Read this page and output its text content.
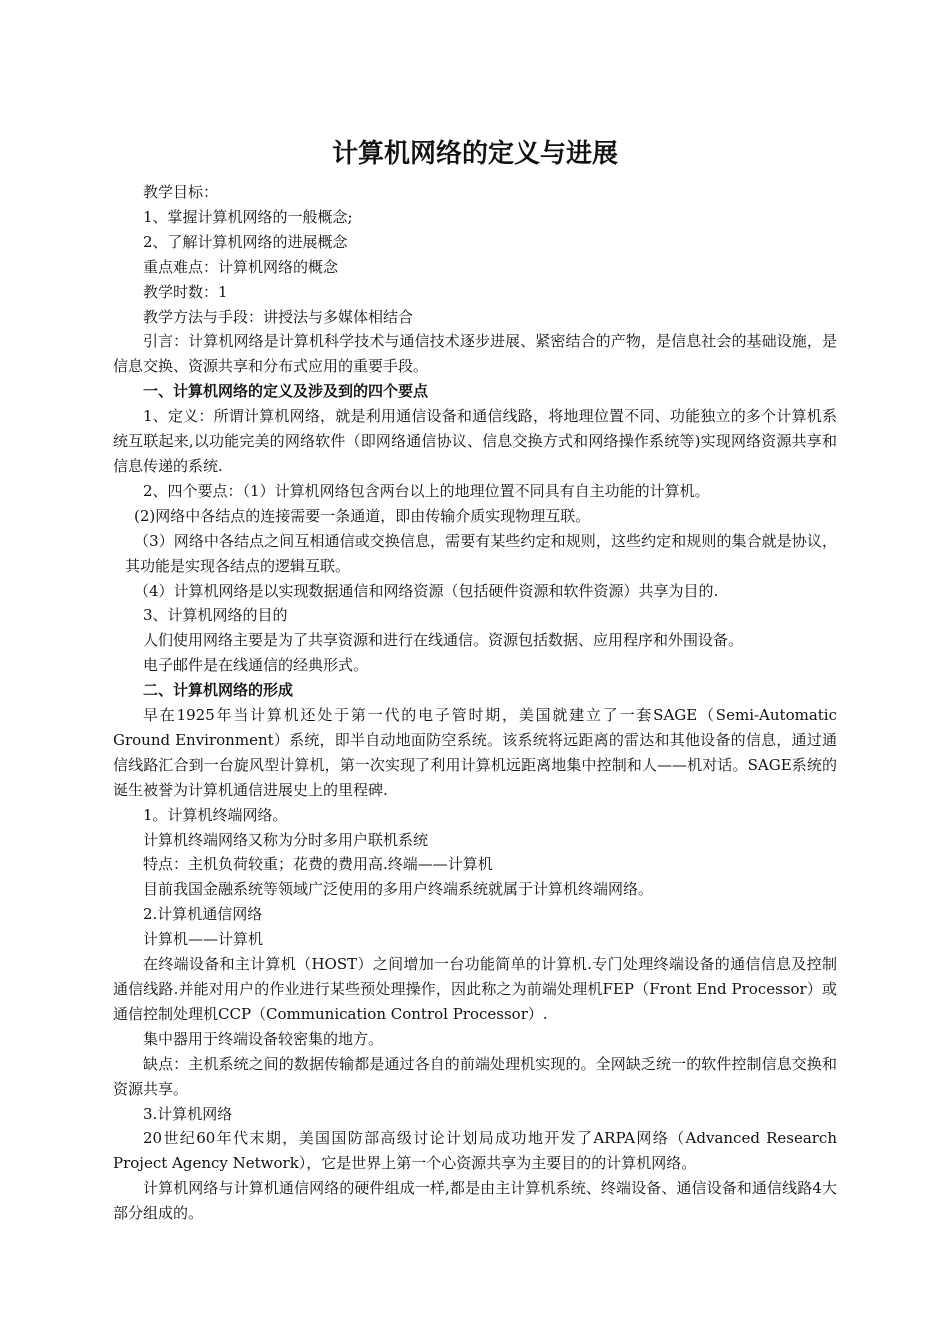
计算机网络的定义与进展

教学目标：

1、掌握计算机网络的一般概念;

2、了解计算机网络的进展概念

重点难点：计算机网络的概念

教学时数：1

教学方法与手段：讲授法与多媒体相结合

引言：计算机网络是计算机科学技术与通信技术逐步进展、紧密结合的产物，是信息社会的基础设施，是信息交换、资源共享和分布式应用的重要手段。

一、计算机网络的定义及涉及到的四个要点

1、定义：所谓计算机网络，就是利用通信设备和通信线路，将地理位置不同、功能独立的多个计算机系统互联起来,以功能完美的网络软件（即网络通信协议、信息交换方式和网络操作系统等)实现网络资源共享和信息传递的系统.

2、四个要点：（1）计算机网络包含两台以上的地理位置不同具有自主功能的计算机。

(2)网络中各结点的连接需要一条通道，即由传输介质实现物理互联。

（3）网络中各结点之间互相通信或交换信息，需要有某些约定和规则，这些约定和规则的集合就是协议，其功能是实现各结点的逻辑互联。

（4）计算机网络是以实现数据通信和网络资源（包括硬件资源和软件资源）共享为目的.

3、计算机网络的目的

人们使用网络主要是为了共享资源和进行在线通信。资源包括数据、应用程序和外围设备。

电子邮件是在线通信的经典形式。

二、计算机网络的形成

早在1925年当计算机还处于第一代的电子管时期，美国就建立了一套SAGE（Semi-Automatic Ground Environment）系统，即半自动地面防空系统。该系统将远距离的雷达和其他设备的信息，通过通信线路汇合到一台旋风型计算机，第一次实现了利用计算机远距离地集中控制和人——机对话。SAGE系统的诞生被誉为计算机通信进展史上的里程碑.

1。计算机终端网络。

计算机终端网络又称为分时多用户联机系统

特点：主机负荷较重；花费的费用高.终端——计算机

目前我国金融系统等领域广泛使用的多用户终端系统就属于计算机终端网络。

2.计算机通信网络

计算机——计算机

在终端设备和主计算机（HOST）之间增加一台功能简单的计算机.专门处理终端设备的通信信息及控制通信线路.并能对用户的作业进行某些预处理操作，因此称之为前端处理机FEP（Front End Processor）或通信控制处理机CCP（Communication Control Processor）.

集中器用于终端设备较密集的地方。

缺点：主机系统之间的数据传输都是通过各自的前端处理机实现的。全网缺乏统一的软件控制信息交换和资源共享。

3.计算机网络

20世纪60年代末期，美国国防部高级讨论计划局成功地开发了ARPA网络（Advanced Research Project Agency Network），它是世界上第一个心资源共享为主要目的的计算机网络。

计算机网络与计算机通信网络的硬件组成一样,都是由主计算机系统、终端设备、通信设备和通信线路4大部分组成的。
